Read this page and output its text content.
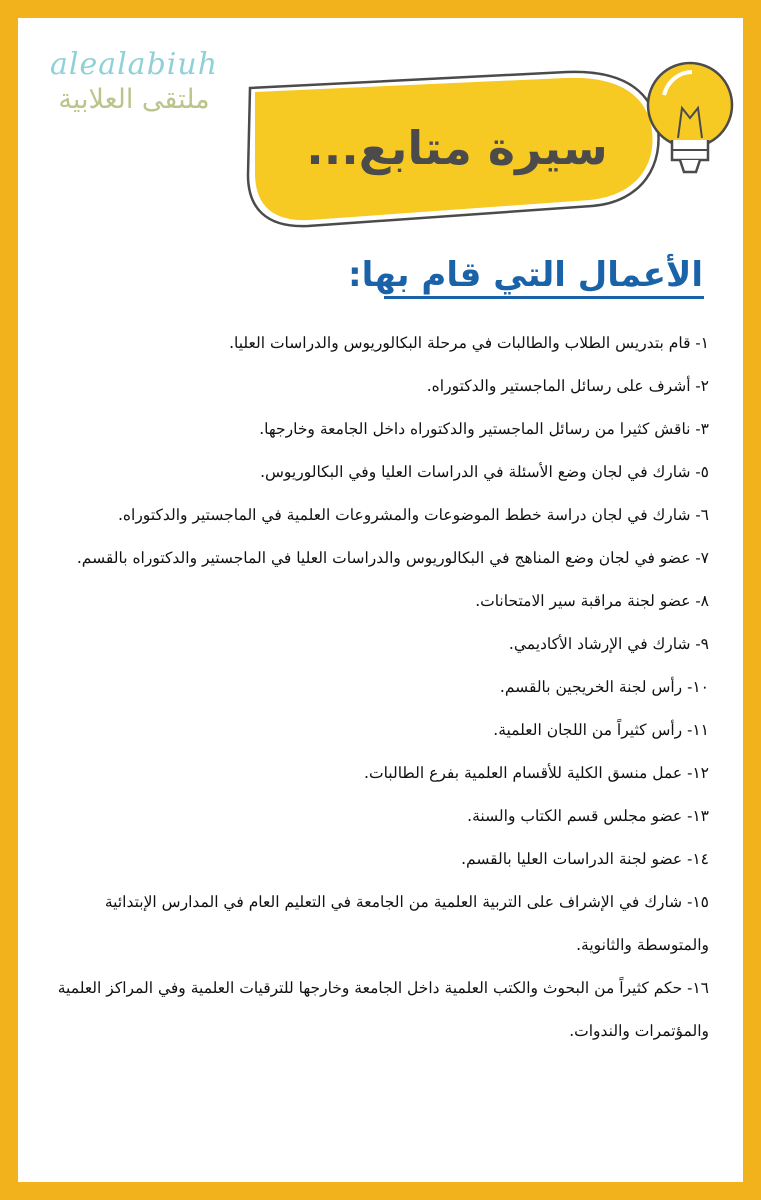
سيرة متابع...
alealabiuh
ملتقى العلابية
الأعمال التي قام بها:

١- قام بتدريس الطلاب والطالبات في مرحلة البكالوريوس والدراسات العليا.

٢- أشرف على رسائل الماجستير والدكتوراه.

٣- ناقش كثيرا من رسائل الماجستير والدكتوراه داخل الجامعة وخارجها.

٥- شارك في لجان وضع الأسئلة في الدراسات العليا وفي البكالوريوس.

٦- شارك في لجان دراسة خطط الموضوعات والمشروعات العلمية في الماجستير والدكتوراه.

٧- عضو في لجان وضع المناهج في البكالوريوس والدراسات العليا في الماجستير والدكتوراه بالقسم.

٨- عضو لجنة مراقبة سير الامتحانات.

٩- شارك في الإرشاد الأكاديمي.

١٠- رأس لجنة الخريجين بالقسم.

١١- رأس كثيراً من اللجان العلمية.

١٢- عمل منسق الكلية للأقسام العلمية بفرع الطالبات.

١٣- عضو مجلس قسم الكتاب والسنة.

١٤- عضو لجنة الدراسات العليا بالقسم.

١٥- شارك في الإشراف على التربية العلمية من الجامعة في التعليم العام في المدارس الإبتدائية والمتوسطة والثانوية.

١٦- حكم كثيراً من البحوث والكتب العلمية داخل الجامعة وخارجها للترقيات العلمية وفي المراكز العلمية والمؤتمرات والندوات.
